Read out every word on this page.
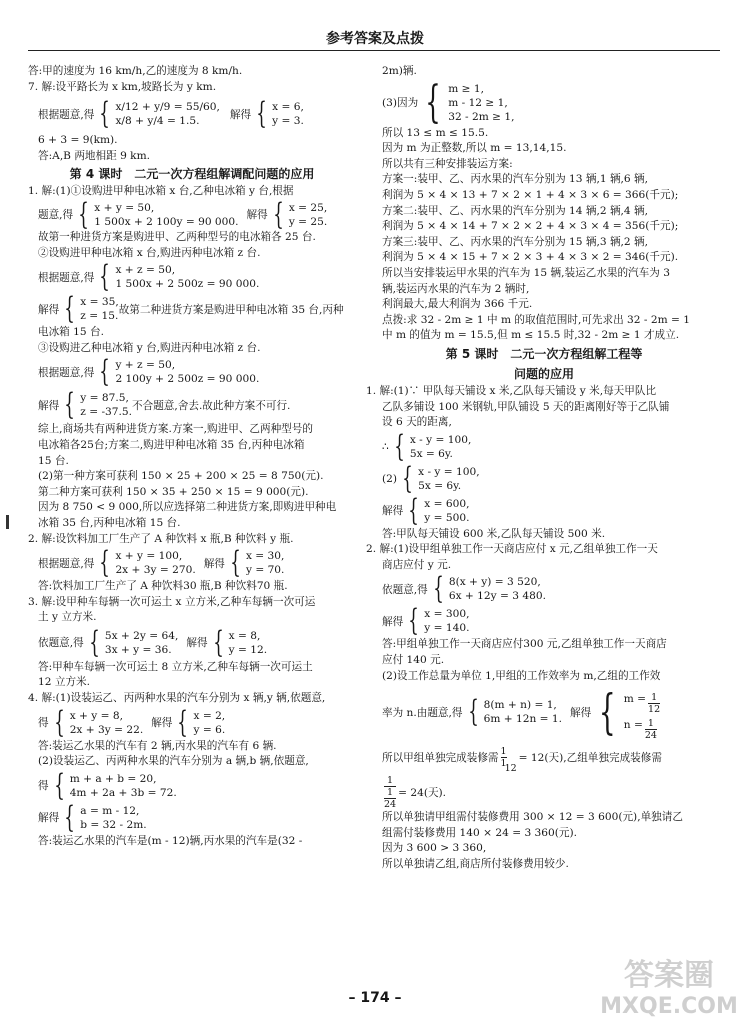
参考答案及点拨
答:甲的速度为 16 km/h,乙的速度为 8 km/h.
7. 解:设平路长为 x km,坡路长为 y km.
根据题意,得 { x/12 + y/9 = 55/60,
x/8 + y/4 = 1.5.
解得 { x = 6,
y = 3.
6 + 3 = 9(km).
答:A,B 两地相距 9 km.
第 4 课时　二元一次方程组解调配问题的应用
1. 解:(1)①设购进甲种电冰箱 x 台,乙种电冰箱 y 台,根据
题意,得 { x + y = 50,
1 500x + 2 100y = 90 000.
解得 { x = 25,
y = 25.
故第一种进货方案是购进甲、乙两种型号的电冰箱各 25 台.
②设购进甲种电冰箱 x 台,购进丙种电冰箱 z 台.
根据题意,得 { x + z = 50,
1 500x + 2 500z = 90 000.
解得 { x = 35,
z = 15.
故第二种进货方案是购进甲种电冰箱 35 台,丙种
电冰箱 15 台.
③设购进乙种电冰箱 y 台,购进丙种电冰箱 z 台.
根据题意,得 { y + z = 50,
2 100y + 2 500z = 90 000.
解得 { y = 87.5,
z = -37.5.
不合题意,舍去.故此种方案不可行.
综上,商场共有两种进货方案.方案一,购进甲、乙两种型号的
电冰箱各25台;方案二,购进甲种电冰箱 35 台,丙种电冰箱
15 台.
(2)第一种方案可获利 150 × 25 + 200 × 25 = 8 750(元).
第二种方案可获利 150 × 35 + 250 × 15 = 9 000(元).
因为 8 750 < 9 000,所以应选择第二种进货方案,即购进甲种电
冰箱 35 台,丙种电冰箱 15 台.
2. 解:设饮料加工厂生产了 A 种饮料 x 瓶,B 种饮料 y 瓶.
根据题意,得 { x + y = 100,
2x + 3y = 270.
解得 { x = 30,
y = 70.
答:饮料加工厂生产了 A 种饮料30 瓶,B 种饮料70 瓶.
3. 解:设甲种车每辆一次可运土 x 立方米,乙种车每辆一次可运
土 y 立方米.
依题意,得 { 5x + 2y = 64,
3x + y = 36.
解得 { x = 8,
y = 12.
答:甲种车每辆一次可运土 8 立方米,乙种车每辆一次可运土
12 立方米.
4. 解:(1)设装运乙、丙两种水果的汽车分别为 x 辆,y 辆,依题意,
得 { x + y = 8,
2x + 3y = 22.
解得 { x = 2,
y = 6.
答:装运乙水果的汽车有 2 辆,丙水果的汽车有 6 辆.
(2)设装运乙、丙两种水果的汽车分别为 a 辆,b 辆,依题意,
得 { m + a + b = 20,
4m + 2a + 3b = 72.
解得 { a = m - 12,
b = 32 - 2m.
答:装运乙水果的汽车是(m - 12)辆,丙水果的汽车是(32 -
2m)辆.
(3)因为 { m ≥ 1,
m - 12 ≥ 1,
32 - 2m ≥ 1,
所以 13 ≤ m ≤ 15.5.
因为 m 为正整数,所以 m = 13,14,15.
所以共有三种安排装运方案:
方案一:装甲、乙、丙水果的汽车分别为 13 辆,1 辆,6 辆,
利润为 5 × 4 × 13 + 7 × 2 × 1 + 4 × 3 × 6 = 366(千元);
方案二:装甲、乙、丙水果的汽车分别为 14 辆,2 辆,4 辆,
利润为 5 × 4 × 14 + 7 × 2 × 2 + 4 × 3 × 4 = 356(千元);
方案三:装甲、乙、丙水果的汽车分别为 15 辆,3 辆,2 辆,
利润为 5 × 4 × 15 + 7 × 2 × 3 + 4 × 3 × 2 = 346(千元).
所以当安排装运甲水果的汽车为 15 辆,装运乙水果的汽车为 3
辆,装运丙水果的汽车为 2 辆时,
利润最大,最大利润为 366 千元.
点拨:求 32 - 2m ≥ 1 中 m 的取值范围时,可先求出 32 - 2m = 1
中 m 的值为 m = 15.5,但 m ≤ 15.5 时,32 - 2m ≥ 1 才成立.
第 5 课时　二元一次方程组解工程等
问题的应用
1. 解:(1)∵ 甲队每天铺设 x 米,乙队每天铺设 y 米,每天甲队比
乙队多铺设 100 米钢轨,甲队铺设 5 天的距离刚好等于乙队铺
设 6 天的距离,
∴ { x - y = 100,
5x = 6y.
(2) { x - y = 100,
5x = 6y.
解得 { x = 600,
y = 500.
答:甲队每天铺设 600 米,乙队每天铺设 500 米.
2. 解:(1)设甲组单独工作一天商店应付 x 元,乙组单独工作一天
商店应付 y 元.
依题意,得 { 8(x + y) = 3 520,
6x + 12y = 3 480.
解得 { x = 300,
y = 140.
答:甲组单独工作一天商店应付300 元,乙组单独工作一天商店
应付 140 元.
(2)设工作总量为单位 1,甲组的工作效率为 m,乙组的工作效
率为 n.由题意,得 { 8(m + n) = 1,
6m + 12n = 1.
解得 { $m = \frac{1}{12}$
$n = \frac{1}{24}$
所以甲组单独完成装修需 $\frac{1}{1}$
12
= 12(天),乙组单独完成装修需
1
1
24
= 24(天).
所以单独请甲组需付装修费用 300 × 12 = 3 600(元),单独请乙
组需付装修费用 140 × 24 = 3 360(元).
因为 3 600 > 3 360,
所以单独请乙组,商店所付装修费用较少.
– 174 –
答案圈
MXQE.COM
